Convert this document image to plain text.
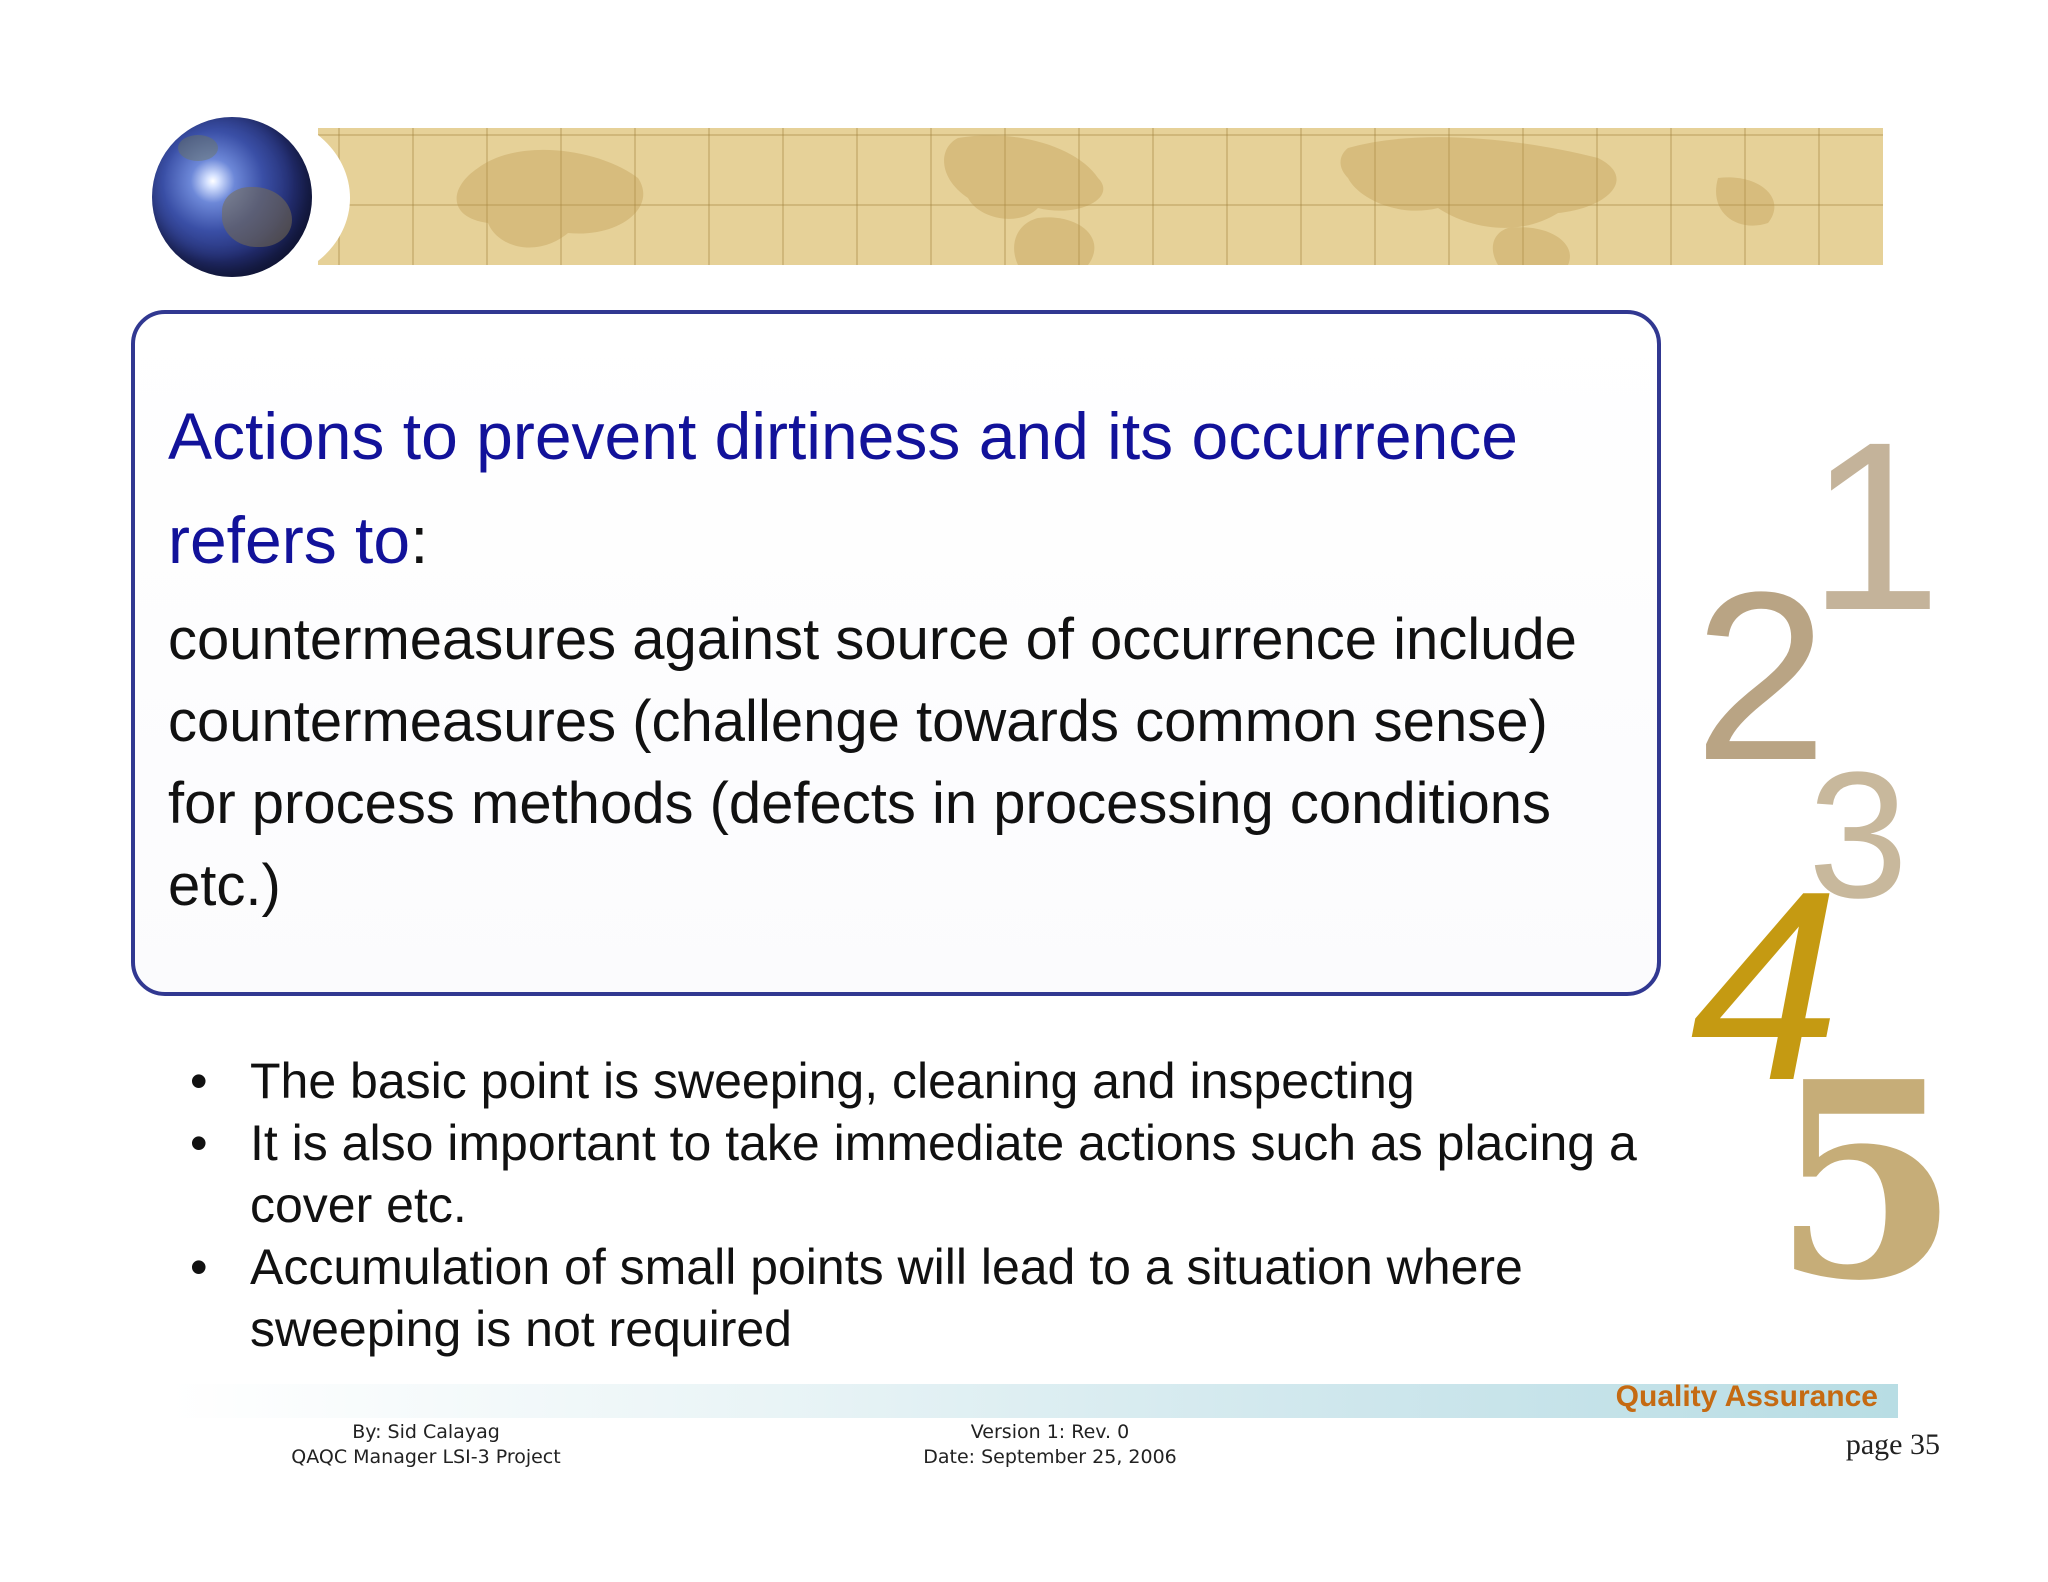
Actions to prevent dirtiness and its occurrence refers to:

countermeasures against source of occurrence include countermeasures (challenge towards common sense) for process methods (defects in processing conditions etc.)

• The basic point is sweeping, cleaning and inspecting
• It is also important to take immediate actions such as placing a cover etc.
• Accumulation of small points will lead to a situation where sweeping is not required
1
2
3
5
4
Quality Assurance
By: Sid Calayag
QAQC Manager LSI-3 Project
Version 1: Rev. 0
Date: September 25, 2006	page 35
